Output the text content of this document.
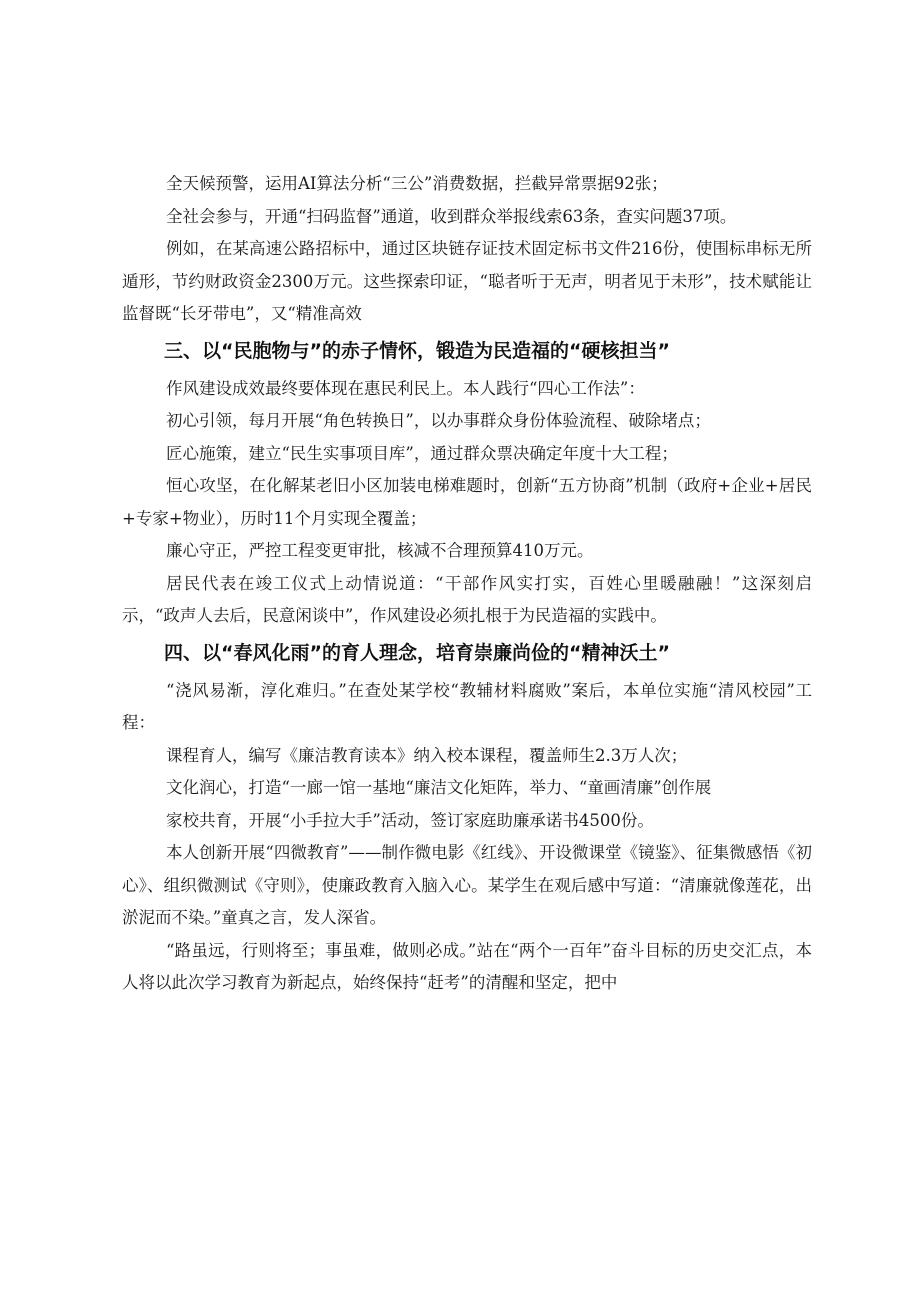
全天候预警，运用AI算法分析“三公”消费数据，拦截异常票据92张；

全社会参与，开通“扫码监督”通道，收到群众举报线索63条，查实问题37项。

例如，在某高速公路招标中，通过区块链存证技术固定标书文件216份，使围标串标无所遁形，节约财政资金2300万元。这些探索印证，“聪者听于无声，明者见于未形”，技术赋能让监督既“长牙带电”，又“精准高效

三、以“民胞物与”的赤子情怀，锻造为民造福的“硬核担当”

作风建设成效最终要体现在惠民利民上。本人践行“四心工作法”：

初心引领，每月开展“角色转换日”，以办事群众身份体验流程、破除堵点；

匠心施策，建立“民生实事项目库”，通过群众票决确定年度十大工程；

恒心攻坚，在化解某老旧小区加装电梯难题时，创新“五方协商”机制（政府+企业+居民+专家+物业），历时11个月实现全覆盖；

廉心守正，严控工程变更审批，核减不合理预算410万元。

居民代表在竣工仪式上动情说道：“干部作风实打实，百姓心里暖融融！”这深刻启示，“政声人去后，民意闲谈中”，作风建设必须扎根于为民造福的实践中。

四、以“春风化雨”的育人理念，培育崇廉尚俭的“精神沃土”

“浇风易渐，淳化难归。”在查处某学校“教辅材料腐败”案后，本单位实施“清风校园”工程：

课程育人，编写《廉洁教育读本》纳入校本课程，覆盖师生2.3万人次；

文化润心，打造“一廊一馆一基地“廉洁文化矩阵，举力、“童画清廉”创作展

家校共育，开展“小手拉大手”活动，签订家庭助廉承诺书4500份。

本人创新开展“四微教育”——制作微电影《红线》、开设微课堂《镜鉴》、征集微感悟《初心》、组织微测试《守则》，使廉政教育入脑入心。某学生在观后感中写道：“清廉就像莲花，出淤泥而不染。”童真之言，发人深省。

“路虽远，行则将至；事虽难，做则必成。”站在“两个一百年”奋斗目标的历史交汇点，本人将以此次学习教育为新起点，始终保持“赶考”的清醒和坚定，把中
